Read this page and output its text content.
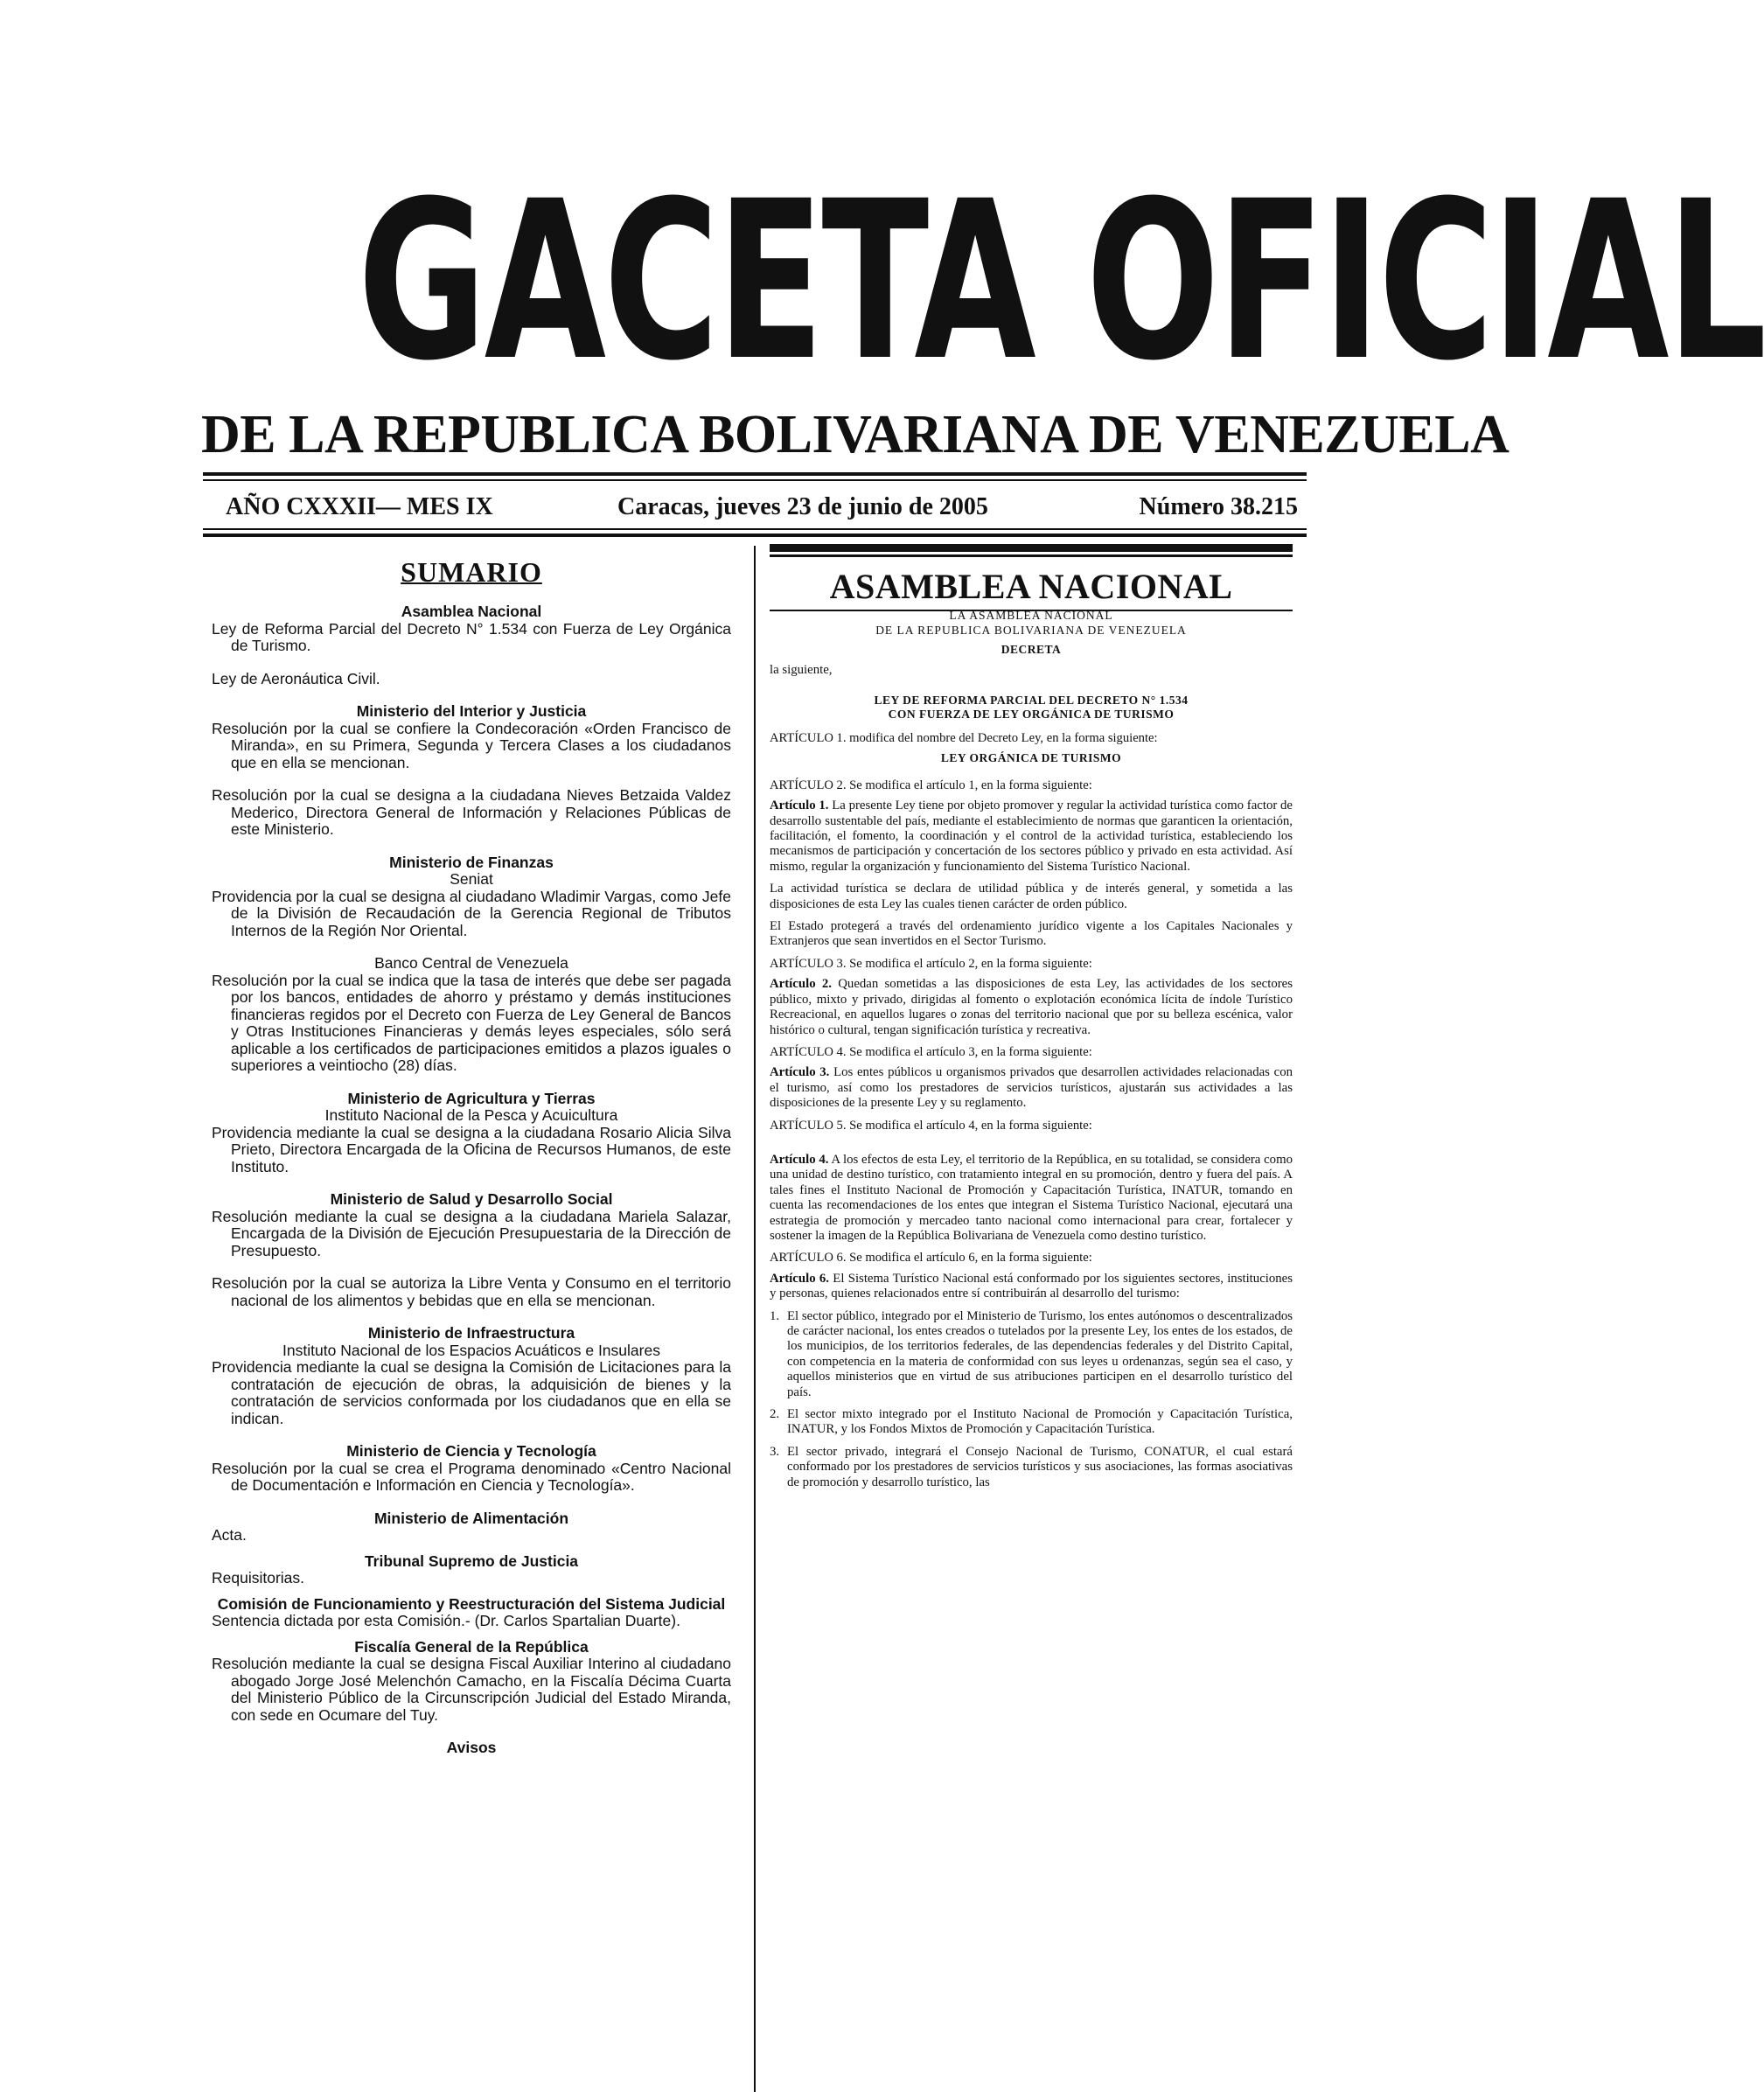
GACETA OFICIAL
DE LA REPUBLICA BOLIVARIANA DE VENEZUELA
AÑO CXXXII— MES IX	Caracas, jueves 23 de junio de 2005	Número 38.215
SUMARIO
Asamblea Nacional
Ley de Reforma Parcial del Decreto N° 1.534 con Fuerza de Ley Orgánica de Turismo.
Ley de Aeronáutica Civil.
Ministerio del Interior y Justicia
Resolución por la cual se confiere la Condecoración «Orden Francisco de Miranda», en su Primera, Segunda y Tercera Clases a los ciudadanos que en ella se mencionan.
Resolución por la cual se designa a la ciudadana Nieves Betzaida Valdez Mederico, Directora General de Información y Relaciones Públicas de este Ministerio.
Ministerio de Finanzas
Seniat
Providencia por la cual se designa al ciudadano Wladimir Vargas, como Jefe de la División de Recaudación de la Gerencia Regional de Tributos Internos de la Región Nor Oriental.
Banco Central de Venezuela
Resolución por la cual se indica que la tasa de interés que debe ser pagada por los bancos, entidades de ahorro y préstamo y demás instituciones financieras regidos por el Decreto con Fuerza de Ley General de Bancos y Otras Instituciones Financieras y demás leyes especiales, sólo será aplicable a los certificados de participaciones emitidos a plazos iguales o superiores a veintiocho (28) días.
Ministerio de Agricultura y Tierras
Instituto Nacional de la Pesca y Acuicultura
Providencia mediante la cual se designa a la ciudadana Rosario Alicia Silva Prieto, Directora Encargada de la Oficina de Recursos Humanos, de este Instituto.
Ministerio de Salud y Desarrollo Social
Resolución mediante la cual se designa a la ciudadana Mariela Salazar, Encargada de la División de Ejecución Presupuestaria de la Dirección de Presupuesto.
Resolución por la cual se autoriza la Libre Venta y Consumo en el territorio nacional de los alimentos y bebidas que en ella se mencionan.
Ministerio de Infraestructura
Instituto Nacional de los Espacios Acuáticos e Insulares
Providencia mediante la cual se designa la Comisión de Licitaciones para la contratación de ejecución de obras, la adquisición de bienes y la contratación de servicios conformada por los ciudadanos que en ella se indican.
Ministerio de Ciencia y Tecnología
Resolución por la cual se crea el Programa denominado «Centro Nacional de Documentación e Información en Ciencia y Tecnología».
Ministerio de Alimentación
Acta.
Tribunal Supremo de Justicia
Requisitorias.
Comisión de Funcionamiento y Reestructuración del Sistema Judicial
Sentencia dictada por esta Comisión.- (Dr. Carlos Spartalian Duarte).
Fiscalía General de la República
Resolución mediante la cual se designa Fiscal Auxiliar Interino al ciudadano abogado Jorge José Melenchón Camacho, en la Fiscalía Décima Cuarta del Ministerio Público de la Circunscripción Judicial del Estado Miranda, con sede en Ocumare del Tuy.
Avisos
ASAMBLEA NACIONAL
LA ASAMBLEA NACIONAL
DE LA REPUBLICA BOLIVARIANA DE VENEZUELA
DECRETA
la siguiente,
LEY DE REFORMA PARCIAL DEL DECRETO N° 1.534
CON FUERZA DE LEY ORGÁNICA DE TURISMO
ARTÍCULO 1. modifica del nombre del Decreto Ley, en la forma siguiente:
LEY ORGÁNICA DE TURISMO
ARTÍCULO 2. Se modifica el artículo 1, en la forma siguiente:
Artículo 1. La presente Ley tiene por objeto promover y regular la actividad turística como factor de desarrollo sustentable del país, mediante el establecimiento de normas que garanticen la orientación, facilitación, el fomento, la coordinación y el control de la actividad turística, estableciendo los mecanismos de participación y concertación de los sectores público y privado en esta actividad. Así mismo, regular la organización y funcionamiento del Sistema Turístico Nacional.
La actividad turística se declara de utilidad pública y de interés general, y sometida a las disposiciones de esta Ley las cuales tienen carácter de orden público.
El Estado protegerá a través del ordenamiento jurídico vigente a los Capitales Nacionales y Extranjeros que sean invertidos en el Sector Turismo.
ARTÍCULO 3. Se modifica el artículo 2, en la forma siguiente:
Artículo 2. Quedan sometidas a las disposiciones de esta Ley, las actividades de los sectores público, mixto y privado, dirigidas al fomento o explotación económica lícita de índole Turístico Recreacional, en aquellos lugares o zonas del territorio nacional que por su belleza escénica, valor histórico o cultural, tengan significación turística y recreativa.
ARTÍCULO 4. Se modifica el artículo 3, en la forma siguiente:
Artículo 3. Los entes públicos u organismos privados que desarrollen actividades relacionadas con el turismo, así como los prestadores de servicios turísticos, ajustarán sus actividades a las disposiciones de la presente Ley y su reglamento.
ARTÍCULO 5. Se modifica el artículo 4, en la forma siguiente:
Artículo 4. A los efectos de esta Ley, el territorio de la República, en su totalidad, se considera como una unidad de destino turístico, con tratamiento integral en su promoción, dentro y fuera del país. A tales fines el Instituto Nacional de Promoción y Capacitación Turística, INATUR, tomando en cuenta las recomendaciones de los entes que integran el Sistema Turístico Nacional, ejecutará una estrategia de promoción y mercadeo tanto nacional como internacional para crear, fortalecer y sostener la imagen de la República Bolivariana de Venezuela como destino turístico.
ARTÍCULO 6. Se modifica el artículo 6, en la forma siguiente:
Artículo 6. El Sistema Turístico Nacional está conformado por los siguientes sectores, instituciones y personas, quienes relacionados entre sí contribuirán al desarrollo del turismo:
1. El sector público, integrado por el Ministerio de Turismo, los entes autónomos o descentralizados de carácter nacional, los entes creados o tutelados por la presente Ley, los entes de los estados, de los municipios, de los territorios federales, de las dependencias federales y del Distrito Capital, con competencia en la materia de conformidad con sus leyes u ordenanzas, según sea el caso, y aquellos ministerios que en virtud de sus atribuciones participen en el desarrollo turístico del país.
2. El sector mixto integrado por el Instituto Nacional de Promoción y Capacitación Turística, INATUR, y los Fondos Mixtos de Promoción y Capacitación Turística.
3. El sector privado, integrará el Consejo Nacional de Turismo, CONATUR, el cual estará conformado por los prestadores de servicios turísticos y sus asociaciones, las formas asociativas de promoción y desarrollo turístico, las
